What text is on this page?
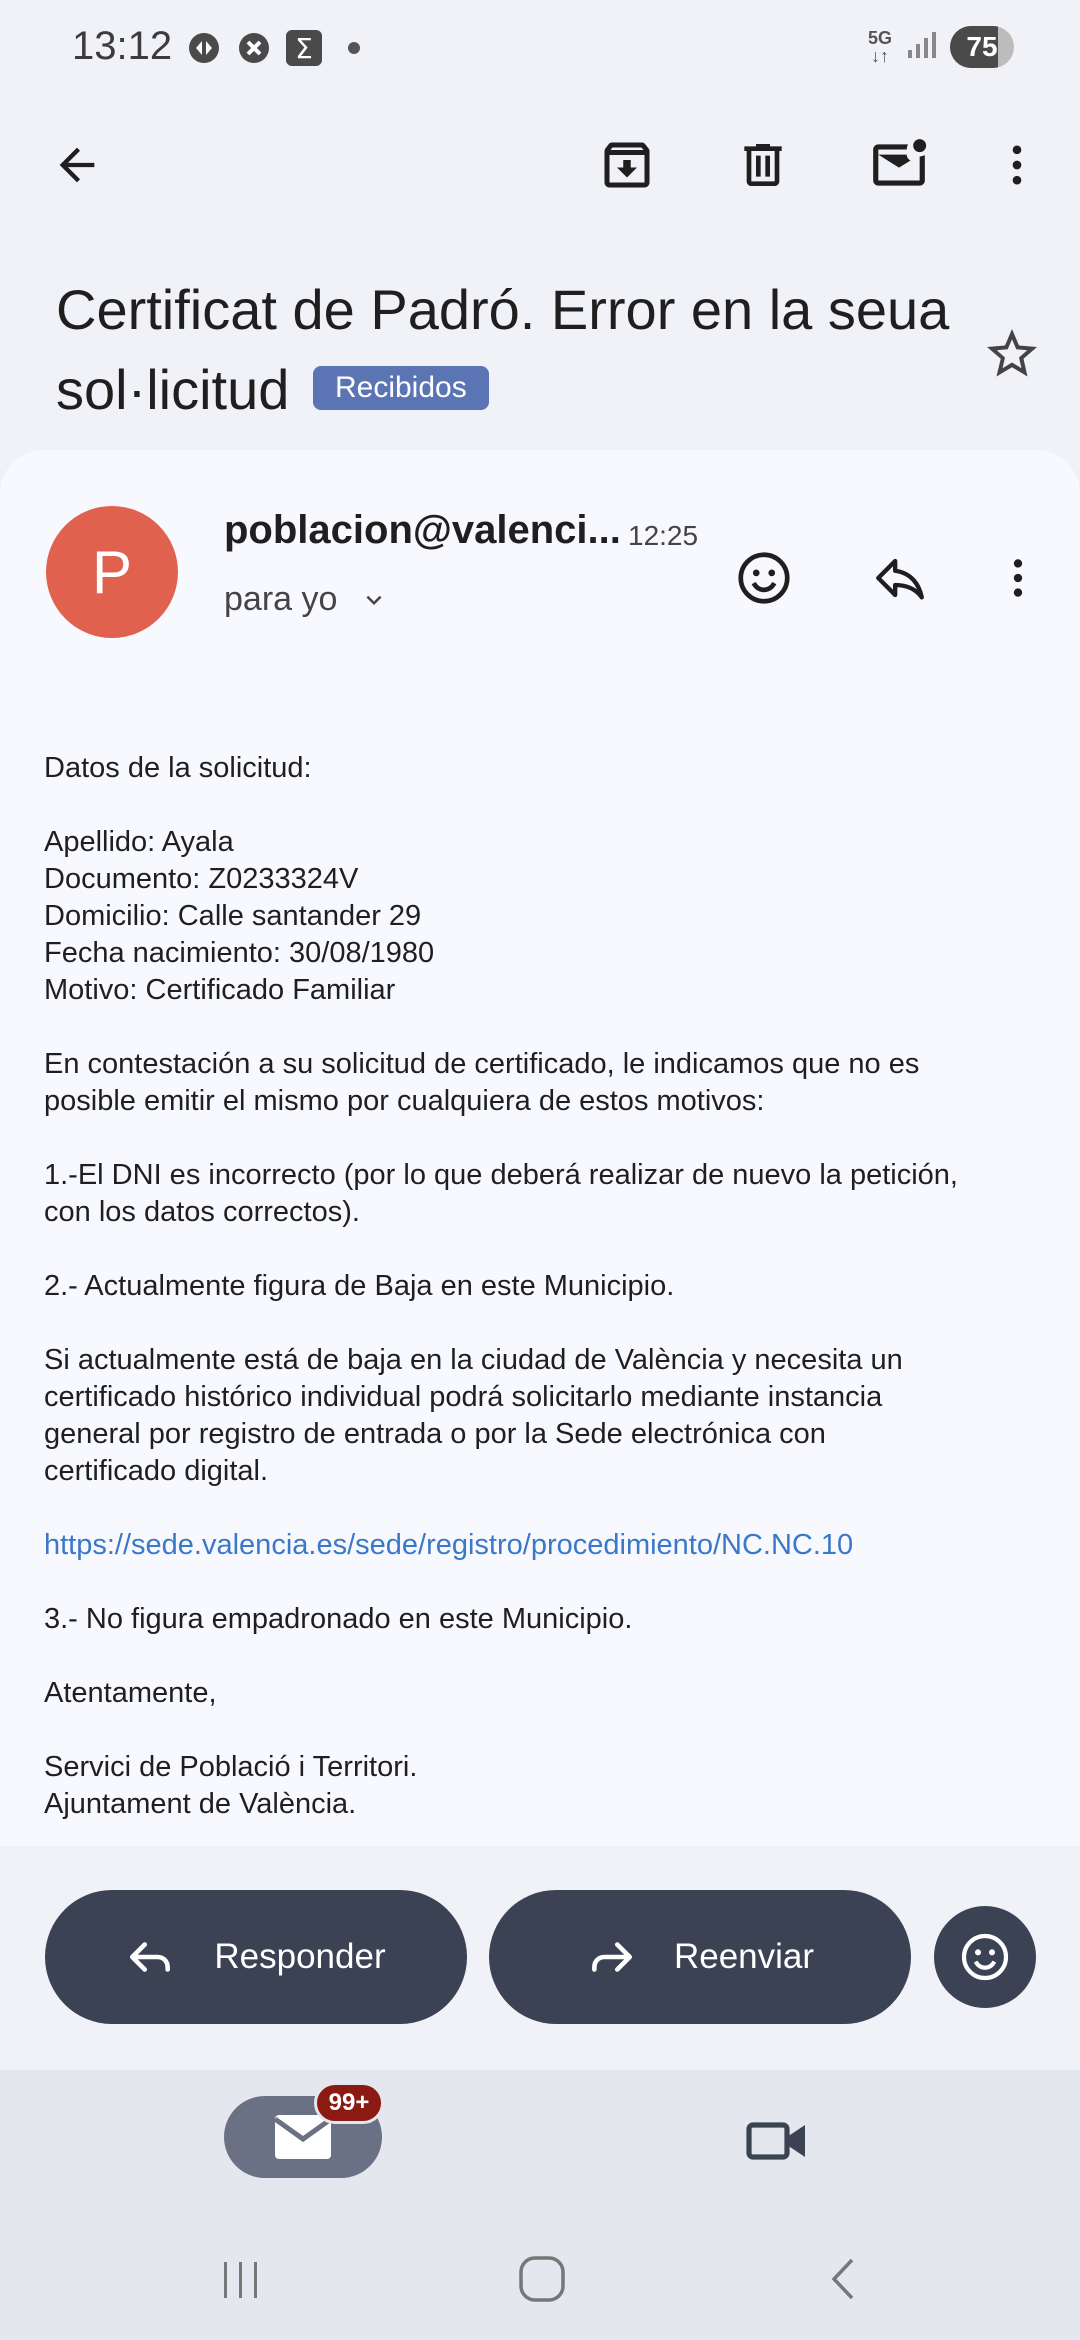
13:12	Σ	5G
↓↑	75
Certificat de Padró. Error en la seua sol·licitud Recibidos
P
poblacion@valenci... 12:25
para yo

Datos de la solicitud:

Apellido: Ayala

Documento: Z0233324V

Domicilio: Calle santander 29

Fecha nacimiento: 30/08/1980

Motivo: Certificado Familiar

En contestación a su solicitud de certificado, le indicamos que no es

posible emitir el mismo por cualquiera de estos motivos:

1.-El DNI es incorrecto (por lo que deberá realizar de nuevo la petición,

con los datos correctos).

2.- Actualmente figura de Baja en este Municipio.

Si actualmente está de baja en la ciudad de València y necesita un

certificado histórico individual podrá solicitarlo mediante instancia

general por registro de entrada o por la Sede electrónica con

certificado digital.

https://sede.valencia.es/sede/registro/procedimiento/NC.NC.10

3.- No figura empadronado en este Municipio.

Atentamente,

Servici de Població i Territori.

Ajuntament de València.

Responder	Reenviar
99+
